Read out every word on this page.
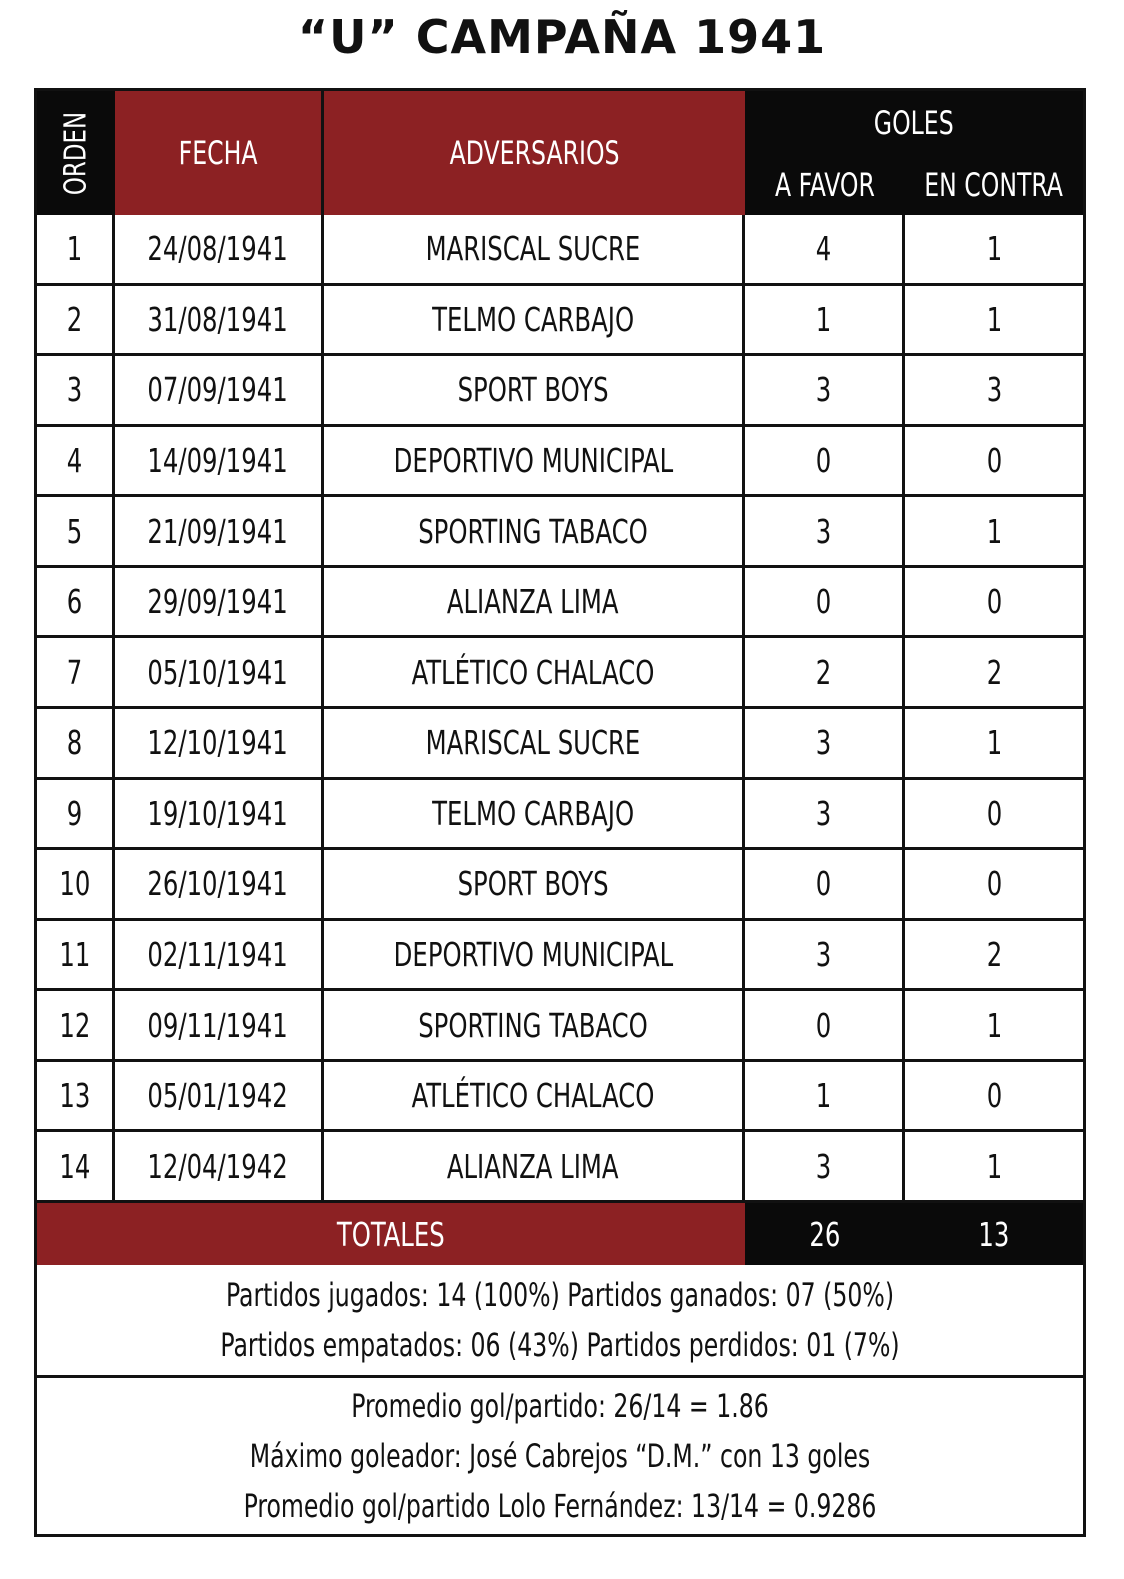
“U” CAMPAÑA 1941
ORDEN	FECHA	ADVERSARIOS
GOLES
A FAVOR EN CONTRA
1 24/08/1941	MARISCAL SUCRE	4	1
2 31/08/1941	TELMO CARBAJO	1	1
3 07/09/1941	SPORT BOYS	3	3
4 14/09/1941	DEPORTIVO MUNICIPAL	0	0
5 21/09/1941	SPORTING TABACO	3	1
6 29/09/1941	ALIANZA LIMA	0	0
7 05/10/1941	ATLÉTICO CHALACO	2	2
8 12/10/1941	MARISCAL SUCRE	3	1
9 19/10/1941	TELMO CARBAJO	3	0
10 26/10/1941	SPORT BOYS	0	0
11 02/11/1941	DEPORTIVO MUNICIPAL	3	2
12 09/11/1941	SPORTING TABACO	0	1
13 05/01/1942	ATLÉTICO CHALACO	1	0
14 12/04/1942	ALIANZA LIMA	3	1
TOTALES	26	13
Partidos jugados: 14 (100%) Partidos ganados: 07 (50%)
Partidos empatados: 06 (43%) Partidos perdidos: 01 (7%)
Promedio gol/partido: 26/14 = 1.86
Máximo goleador: José Cabrejos “D.M.” con 13 goles
Promedio gol/partido Lolo Fernández: 13/14 = 0.9286
